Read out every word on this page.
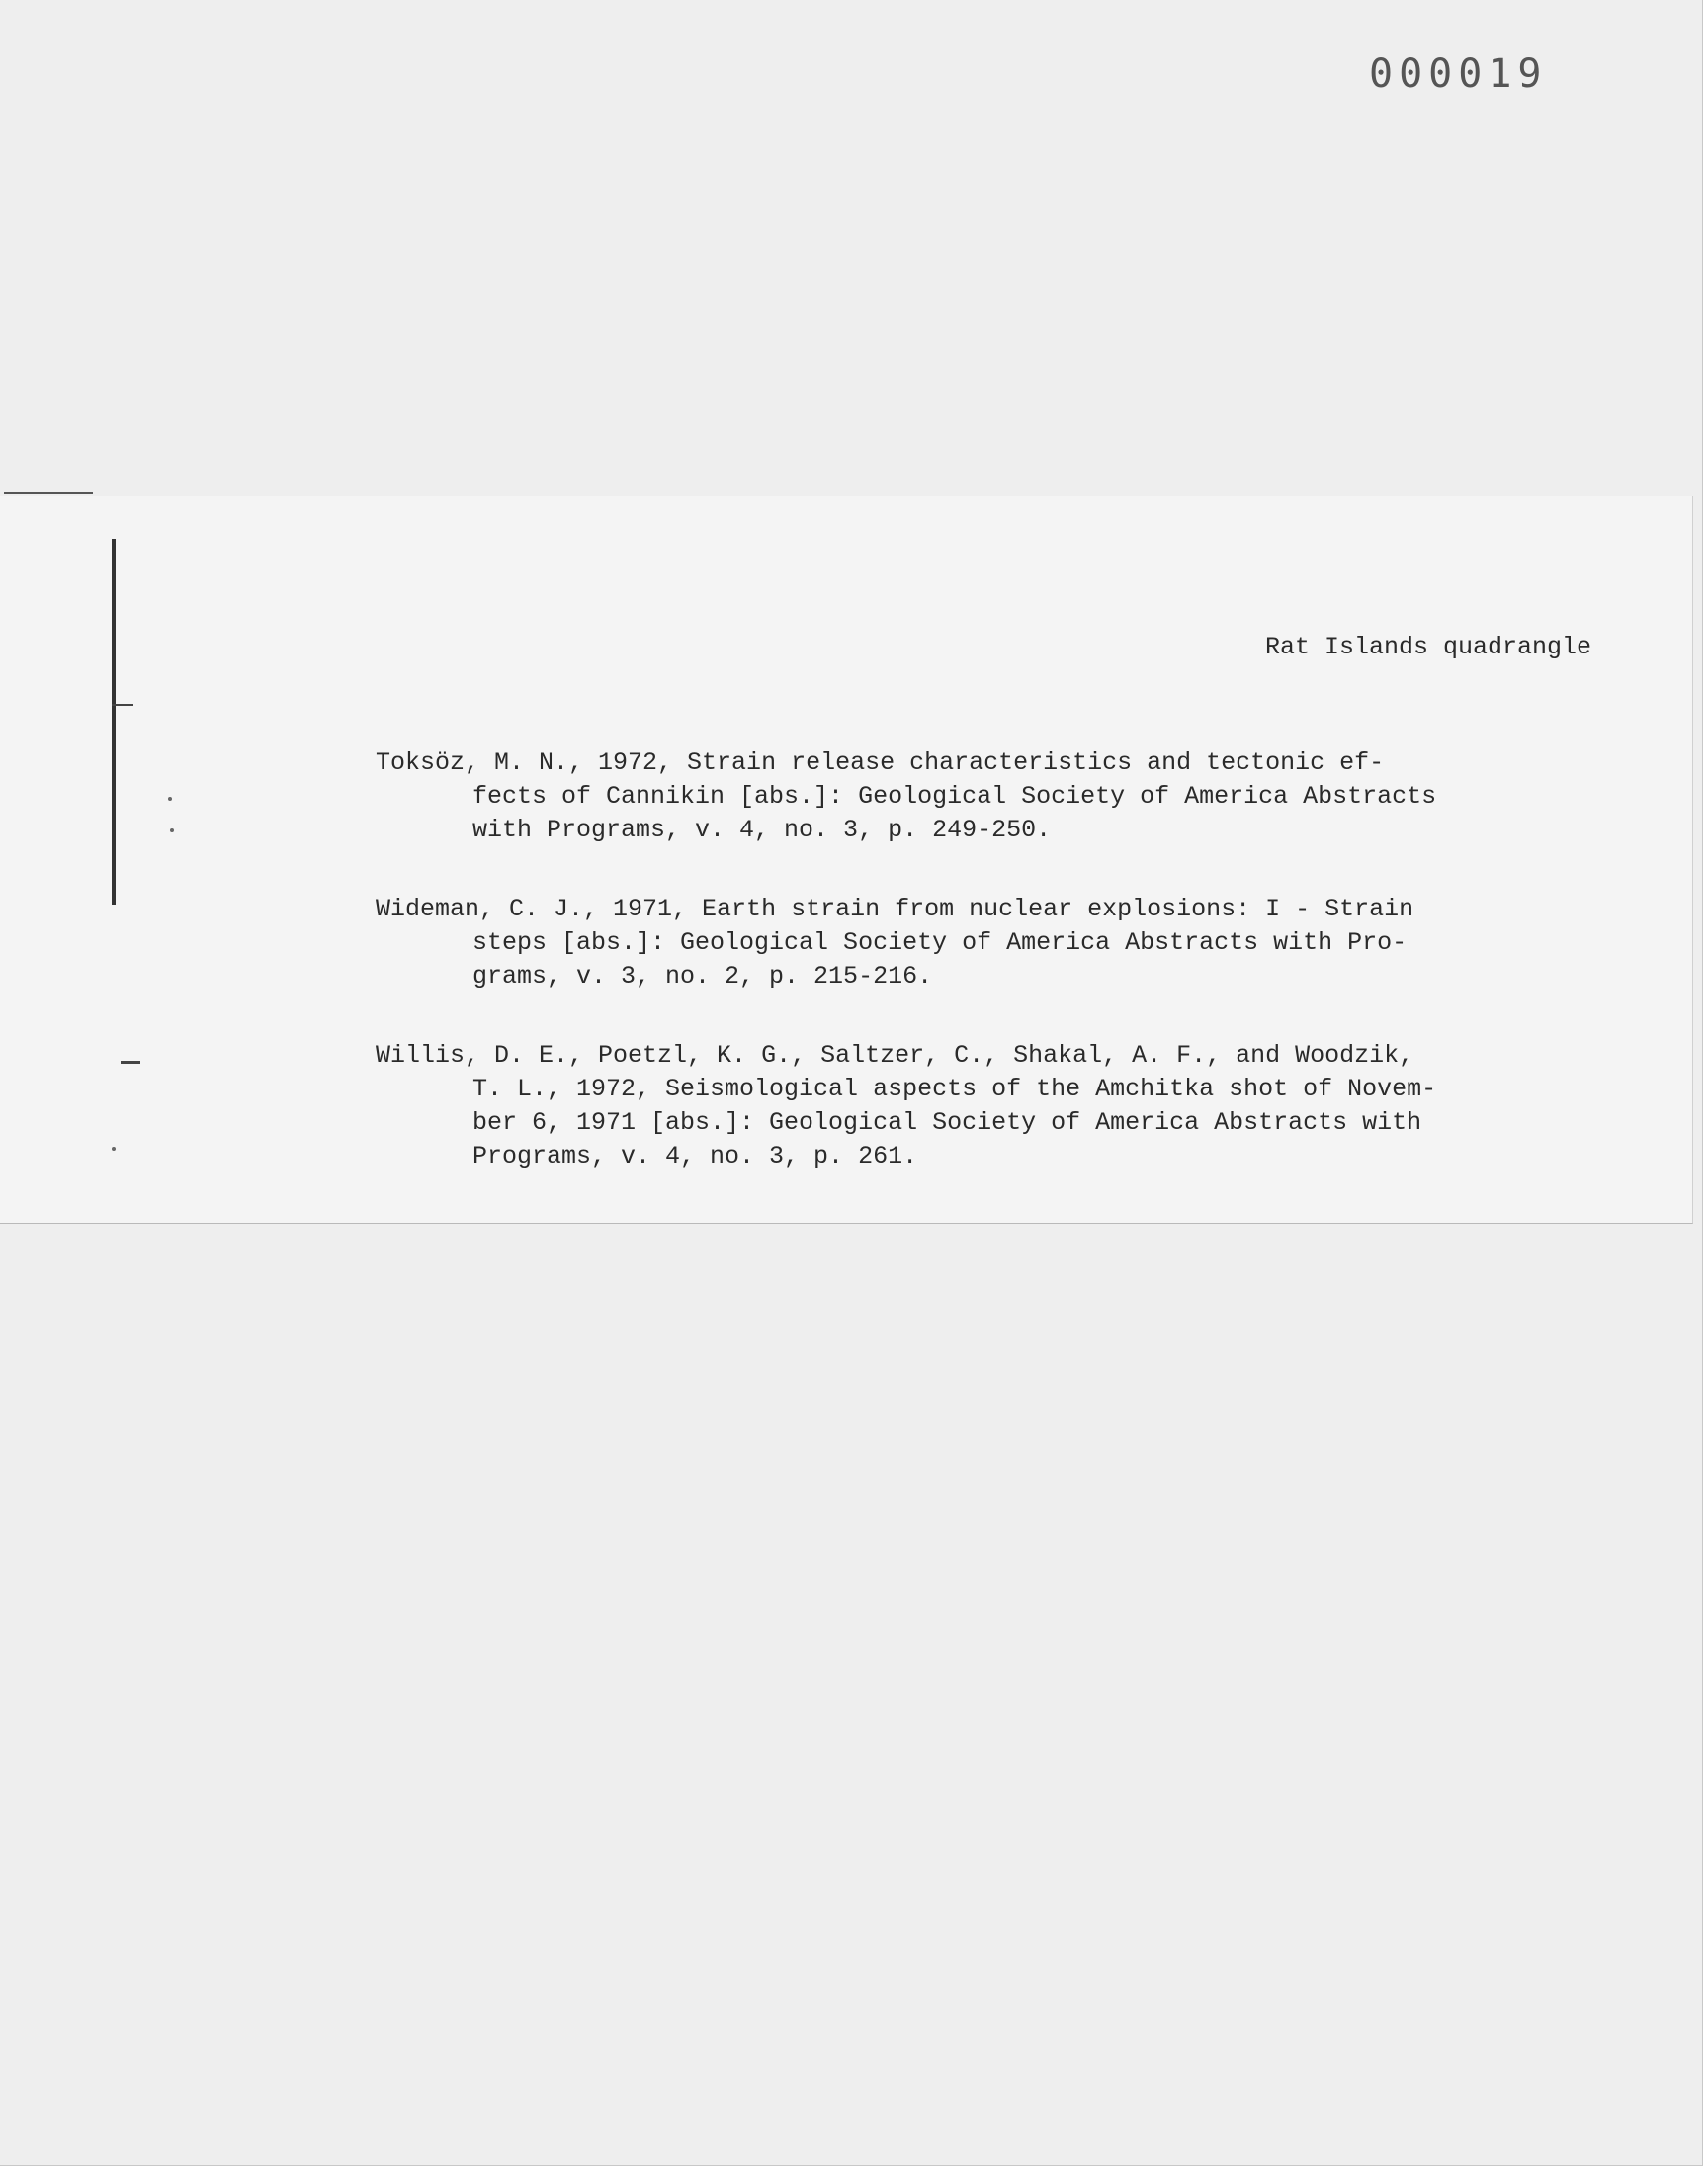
000019
Rat Islands quadrangle
Toksöz, M. N., 1972, Strain release characteristics and tectonic ef-
fects of Cannikin [abs.]: Geological Society of America Abstracts
with Programs, v. 4, no. 3, p. 249-250.
Wideman, C. J., 1971, Earth strain from nuclear explosions: I - Strain
steps [abs.]: Geological Society of America Abstracts with Pro-
grams, v. 3, no. 2, p. 215-216.
Willis, D. E., Poetzl, K. G., Saltzer, C., Shakal, A. F., and Woodzik,
T. L., 1972, Seismological aspects of the Amchitka shot of Novem-
ber 6, 1971 [abs.]: Geological Society of America Abstracts with
Programs, v. 4, no. 3, p. 261.
